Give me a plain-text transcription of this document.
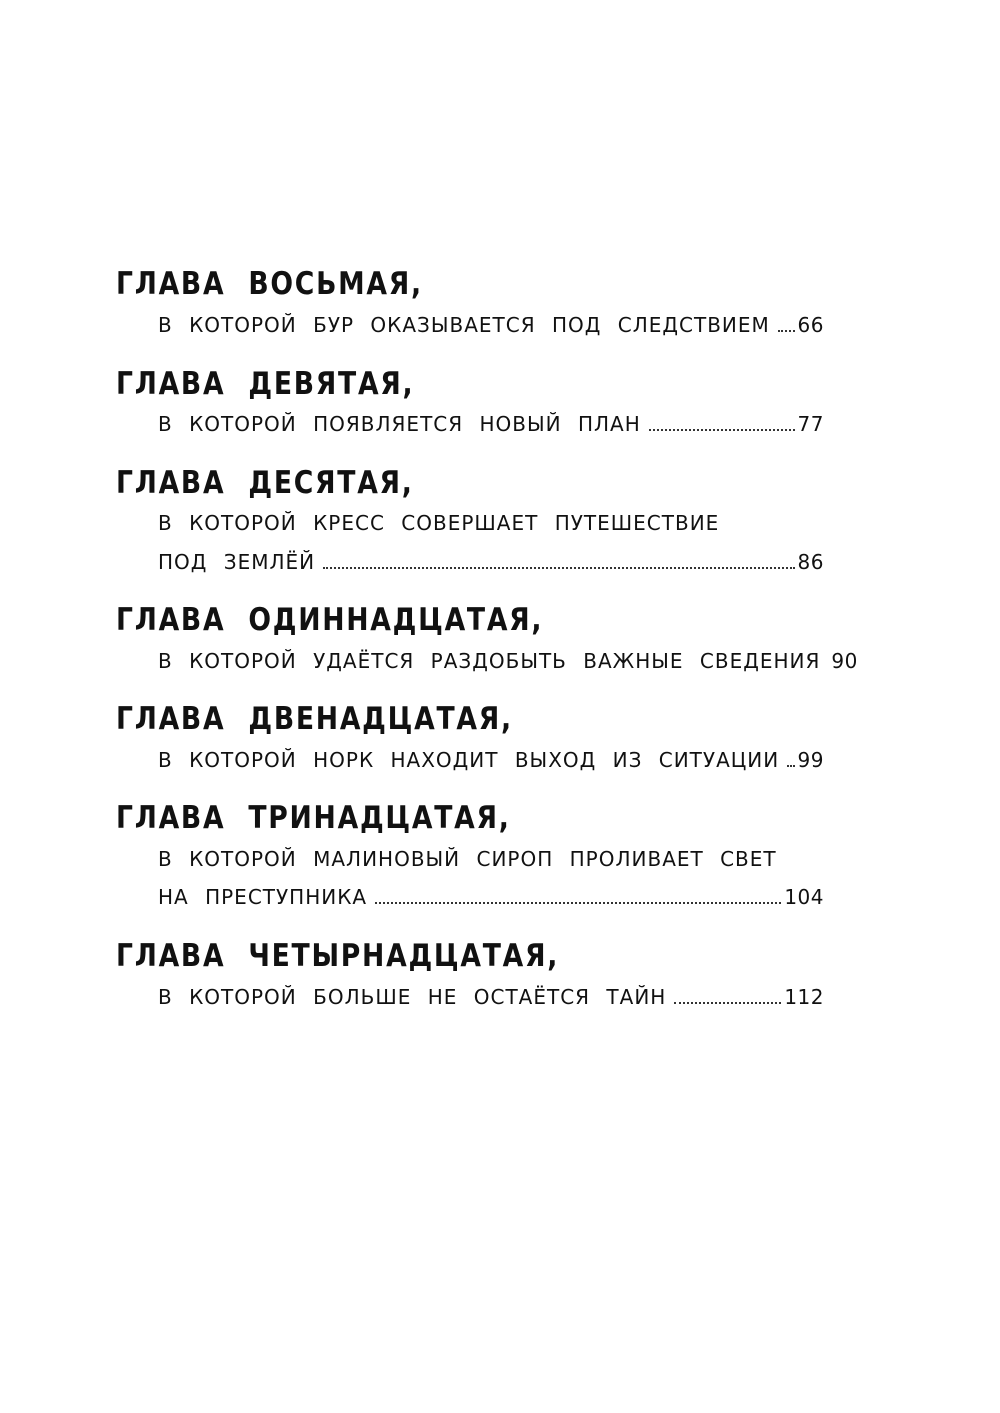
ГЛАВА ВОСЬМАЯ,
В КОТОРОЙ БУР ОКАЗЫВАЕТСЯ ПОД СЛЕДСТВИЕМ 66
ГЛАВА ДЕВЯТАЯ,
В КОТОРОЙ ПОЯВЛЯЕТСЯ НОВЫЙ ПЛАН	77
ГЛАВА ДЕСЯТАЯ,
В КОТОРОЙ КРЕСС СОВЕРШАЕТ ПУТЕШЕСТВИЕ
ПОД ЗЕМЛЁЙ	86
ГЛАВА ОДИННАДЦАТАЯ,
В КОТОРОЙ УДАЁТСЯ РАЗДОБЫТЬ ВАЖНЫЕ СВЕДЕНИЯ 90
ГЛАВА ДВЕНАДЦАТАЯ,
В КОТОРОЙ НОРК НАХОДИТ ВЫХОД ИЗ СИТУАЦИИ 99
ГЛАВА ТРИНАДЦАТАЯ,
В КОТОРОЙ МАЛИНОВЫЙ СИРОП ПРОЛИВАЕТ СВЕТ
НА ПРЕСТУПНИКА	104
ГЛАВА ЧЕТЫРНАДЦАТАЯ,
В КОТОРОЙ БОЛЬШЕ НЕ ОСТАЁТСЯ ТАЙН	112
